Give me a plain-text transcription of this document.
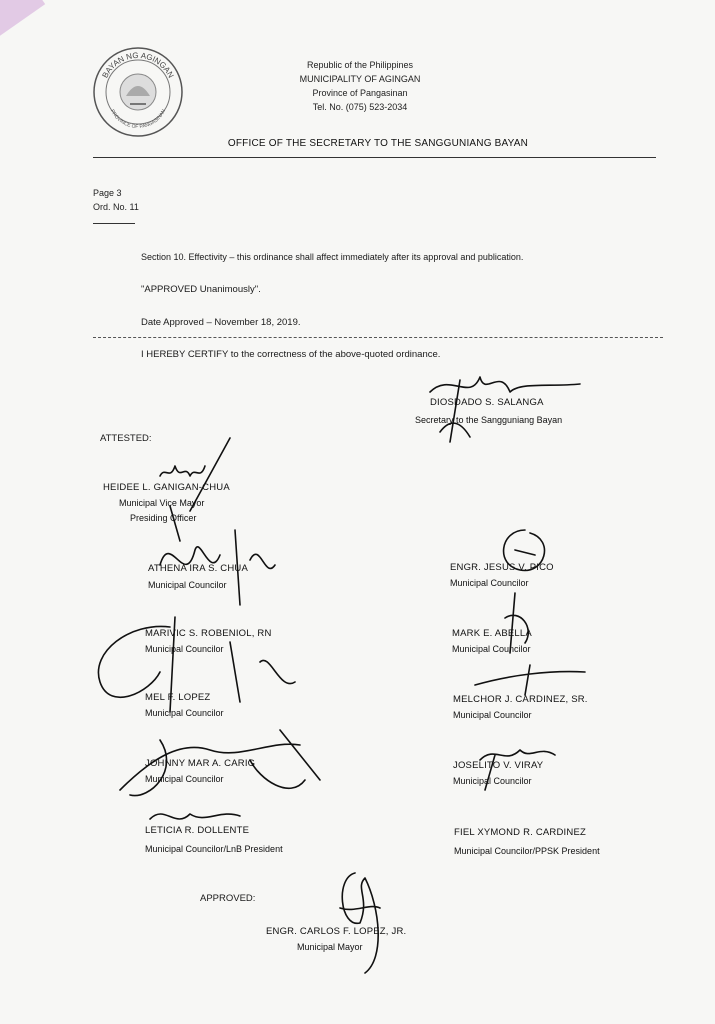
BAYAN NG AGINGAN
PROVINCE OF PANGASINAN
Republic of the Philippines
MUNICIPALITY OF AGINGAN
Province of Pangasinan
Tel. No. (075) 523-2034
OFFICE OF THE SECRETARY TO THE SANGGUNIANG BAYAN
Page 3
Ord. No. 11
Section 10. Effectivity – this ordinance shall affect immediately after its approval and publication.
"APPROVED Unanimously".
Date Approved – November 18, 2019.
I HEREBY CERTIFY to the correctness of the above-quoted ordinance.
DIOSDADO S. SALANGA
Secretary to the Sangguniang Bayan
ATTESTED:
HEIDEE L. GANIGAN-CHUA
Municipal Vice Mayor
Presiding Officer
ATHENA IRA S. CHUA
Municipal Councilor
MARIVIC S. ROBENIOL, RN
Municipal Councilor
MEL F. LOPEZ
Municipal Councilor
JOHNNY MAR A. CARIG
Municipal Councilor
LETICIA R. DOLLENTE
Municipal Councilor/LnB President
ENGR. JESUS V. PICO
Municipal Councilor
MARK E. ABELLA
Municipal Councilor
MELCHOR J. CARDINEZ, SR.
Municipal Councilor
JOSELITO V. VIRAY
Municipal Councilor
FIEL XYMOND R. CARDINEZ
Municipal Councilor/PPSK President
APPROVED:
ENGR. CARLOS F. LOPEZ, JR.
Municipal Mayor
